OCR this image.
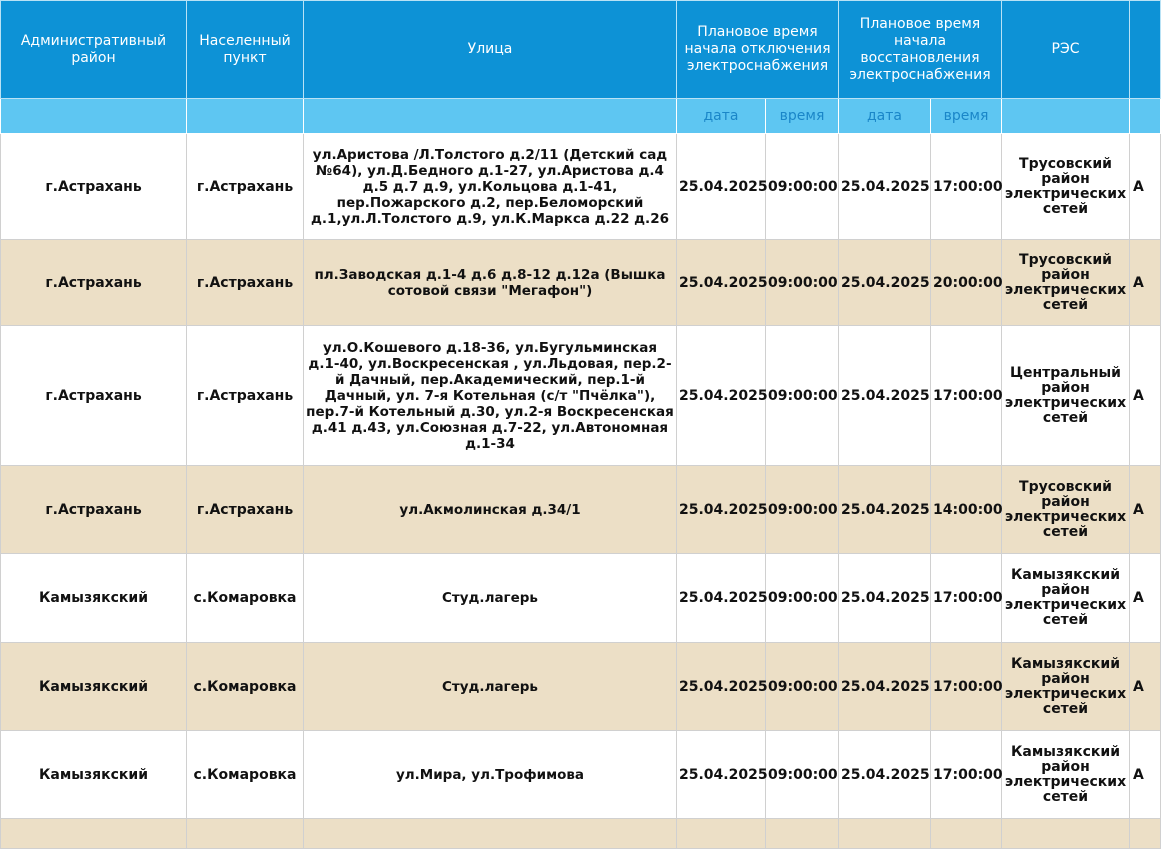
Административный район	Населенный пункт	Улица	Плановое время начала отключения электроснабжения		Плановое время начала восстановления электроснабжения		РЭС	
			дата	время	дата	время		
г.Астрахань	г.Астрахань	ул.Аристова /Л.Толстого д.2/11 (Детский сад №64), ул.Д.Бедного д.1-27, ул.Аристова д.4 д.5 д.7 д.9, ул.Кольцова д.1-41, пер.Пожарского д.2, пер.Беломорский д.1,ул.Л.Толстого д.9, ул.К.Маркса д.22 д.26	25.04.2025	09:00:00	25.04.2025	17:00:00	Трусовский район электрических сетей	А
г.Астрахань	г.Астрахань	пл.Заводская д.1-4 д.6 д.8-12 д.12а (Вышка сотовой связи "Мегафон")	25.04.2025	09:00:00	25.04.2025	20:00:00	Трусовский район электрических сетей	А
г.Астрахань	г.Астрахань	ул.О.Кошевого д.18-36, ул.Бугульминская д.1-40, ул.Воскресенская , ул.Льдовая, пер.2-й Дачный, пер.Академический, пер.1-й Дачный, ул. 7-я Котельная (с/т "Пчёлка"), пер.7-й Котельный д.30, ул.2-я Воскресенская д.41 д.43, ул.Союзная д.7-22, ул.Автономная д.1-34	25.04.2025	09:00:00	25.04.2025	17:00:00	Центральный район электрических сетей	А
г.Астрахань	г.Астрахань	ул.Акмолинская д.34/1	25.04.2025	09:00:00	25.04.2025	14:00:00	Трусовский район электрических сетей	А
Камызякский	с.Комаровка	Студ.лагерь	25.04.2025	09:00:00	25.04.2025	17:00:00	Камызякский район электрических сетей	А
Камызякский	с.Комаровка	Студ.лагерь	25.04.2025	09:00:00	25.04.2025	17:00:00	Камызякский район электрических сетей	А
Камызякский	с.Комаровка	ул.Мира, ул.Трофимова	25.04.2025	09:00:00	25.04.2025	17:00:00	Камызякский район электрических сетей	А
